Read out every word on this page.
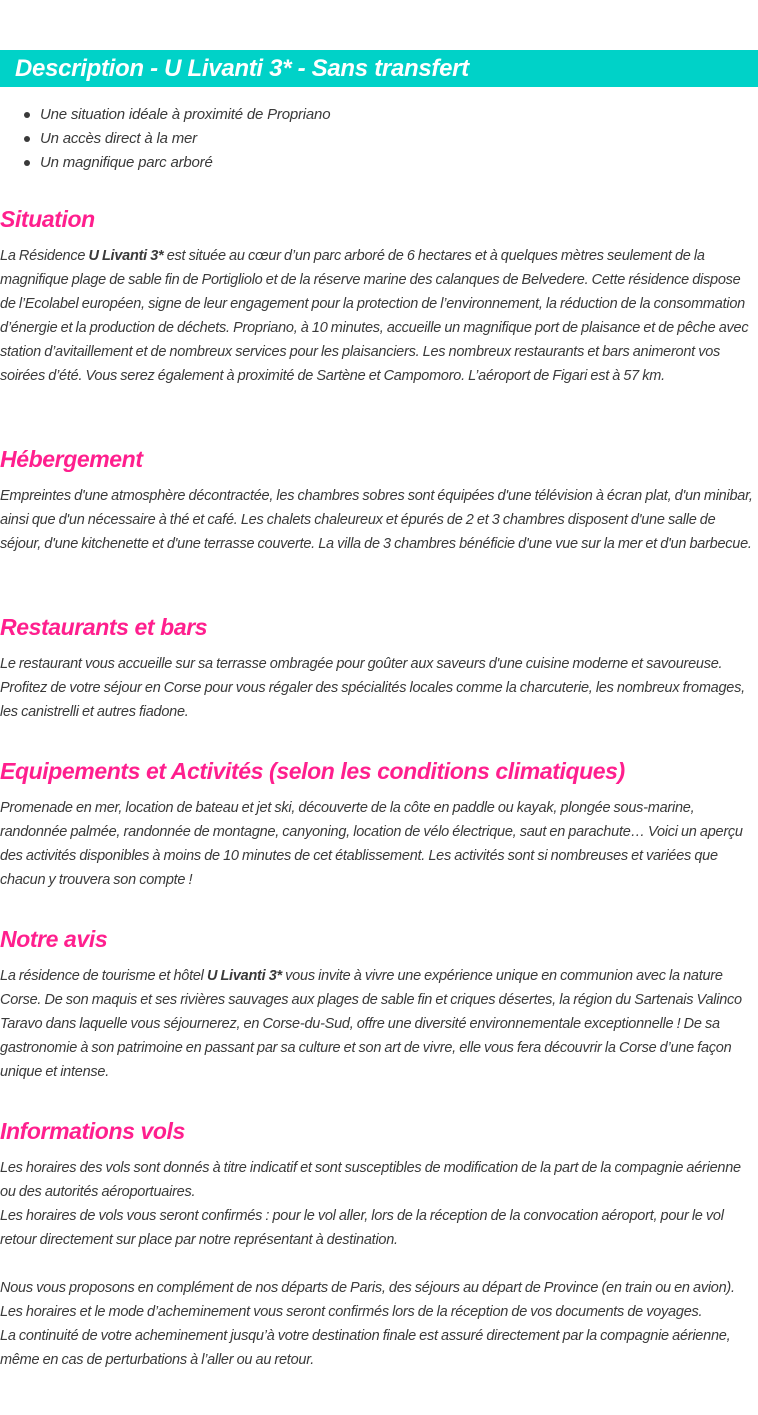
Description - U Livanti 3* - Sans transfert
Une situation idéale à proximité de Propriano
Un accès direct à la mer
Un magnifique parc arboré
Situation

La Résidence U Livanti 3* est située au cœur d’un parc arboré de 6 hectares et à quelques mètres seulement de la magnifique plage de sable fin de Portigliolo et de la réserve marine des calanques de Belvedere. Cette résidence dispose de l’Ecolabel européen, signe de leur engagement pour la protection de l’environnement, la réduction de la consommation d’énergie et la production de déchets. Propriano, à 10 minutes, accueille un magnifique port de plaisance et de pêche avec station d’avitaillement et de nombreux services pour les plaisanciers. Les nombreux restaurants et bars animeront vos soirées d’été. Vous serez également à proximité de Sartène et Campomoro. L’aéroport de Figari est à 57 km.

Hébergement

Empreintes d'une atmosphère décontractée, les chambres sobres sont équipées d'une télévision à écran plat, d'un minibar, ainsi que d'un nécessaire à thé et café. Les chalets chaleureux et épurés de 2 et 3 chambres disposent d'une salle de séjour, d'une kitchenette et d'une terrasse couverte. La villa de 3 chambres bénéficie d'une vue sur la mer et d'un barbecue.

Restaurants et bars

Le restaurant vous accueille sur sa terrasse ombragée pour goûter aux saveurs d'une cuisine moderne et savoureuse. Profitez de votre séjour en Corse pour vous régaler des spécialités locales comme la charcuterie, les nombreux fromages, les canistrelli et autres fiadone.

Equipements et Activités (selon les conditions climatiques)

Promenade en mer, location de bateau et jet ski, découverte de la côte en paddle ou kayak, plongée sous-marine, randonnée palmée, randonnée de montagne, canyoning, location de vélo électrique, saut en parachute… Voici un aperçu des activités disponibles à moins de 10 minutes de cet établissement. Les activités sont si nombreuses et variées que chacun y trouvera son compte !

Notre avis

La résidence de tourisme et hôtel U Livanti 3* vous invite à vivre une expérience unique en communion avec la nature Corse. De son maquis et ses rivières sauvages aux plages de sable fin et criques désertes, la région du Sartenais Valinco Taravo dans laquelle vous séjournerez, en Corse-du-Sud, offre une diversité environnementale exceptionnelle ! De sa gastronomie à son patrimoine en passant par sa culture et son art de vivre, elle vous fera découvrir la Corse d’une façon unique et intense.

Informations vols

Les horaires des vols sont donnés à titre indicatif et sont susceptibles de modification de la part de la compagnie aérienne ou des autorités aéroportuaires.

Les horaires de vols vous seront confirmés : pour le vol aller, lors de la réception de la convocation aéroport, pour le vol retour directement sur place par notre représentant à destination.

Nous vous proposons en complément de nos départs de Paris, des séjours au départ de Province (en train ou en avion).

Les horaires et le mode d’acheminement vous seront confirmés lors de la réception de vos documents de voyages.

La continuité de votre acheminement jusqu’à votre destination finale est assuré directement par la compagnie aérienne, même en cas de perturbations à l’aller ou au retour.
